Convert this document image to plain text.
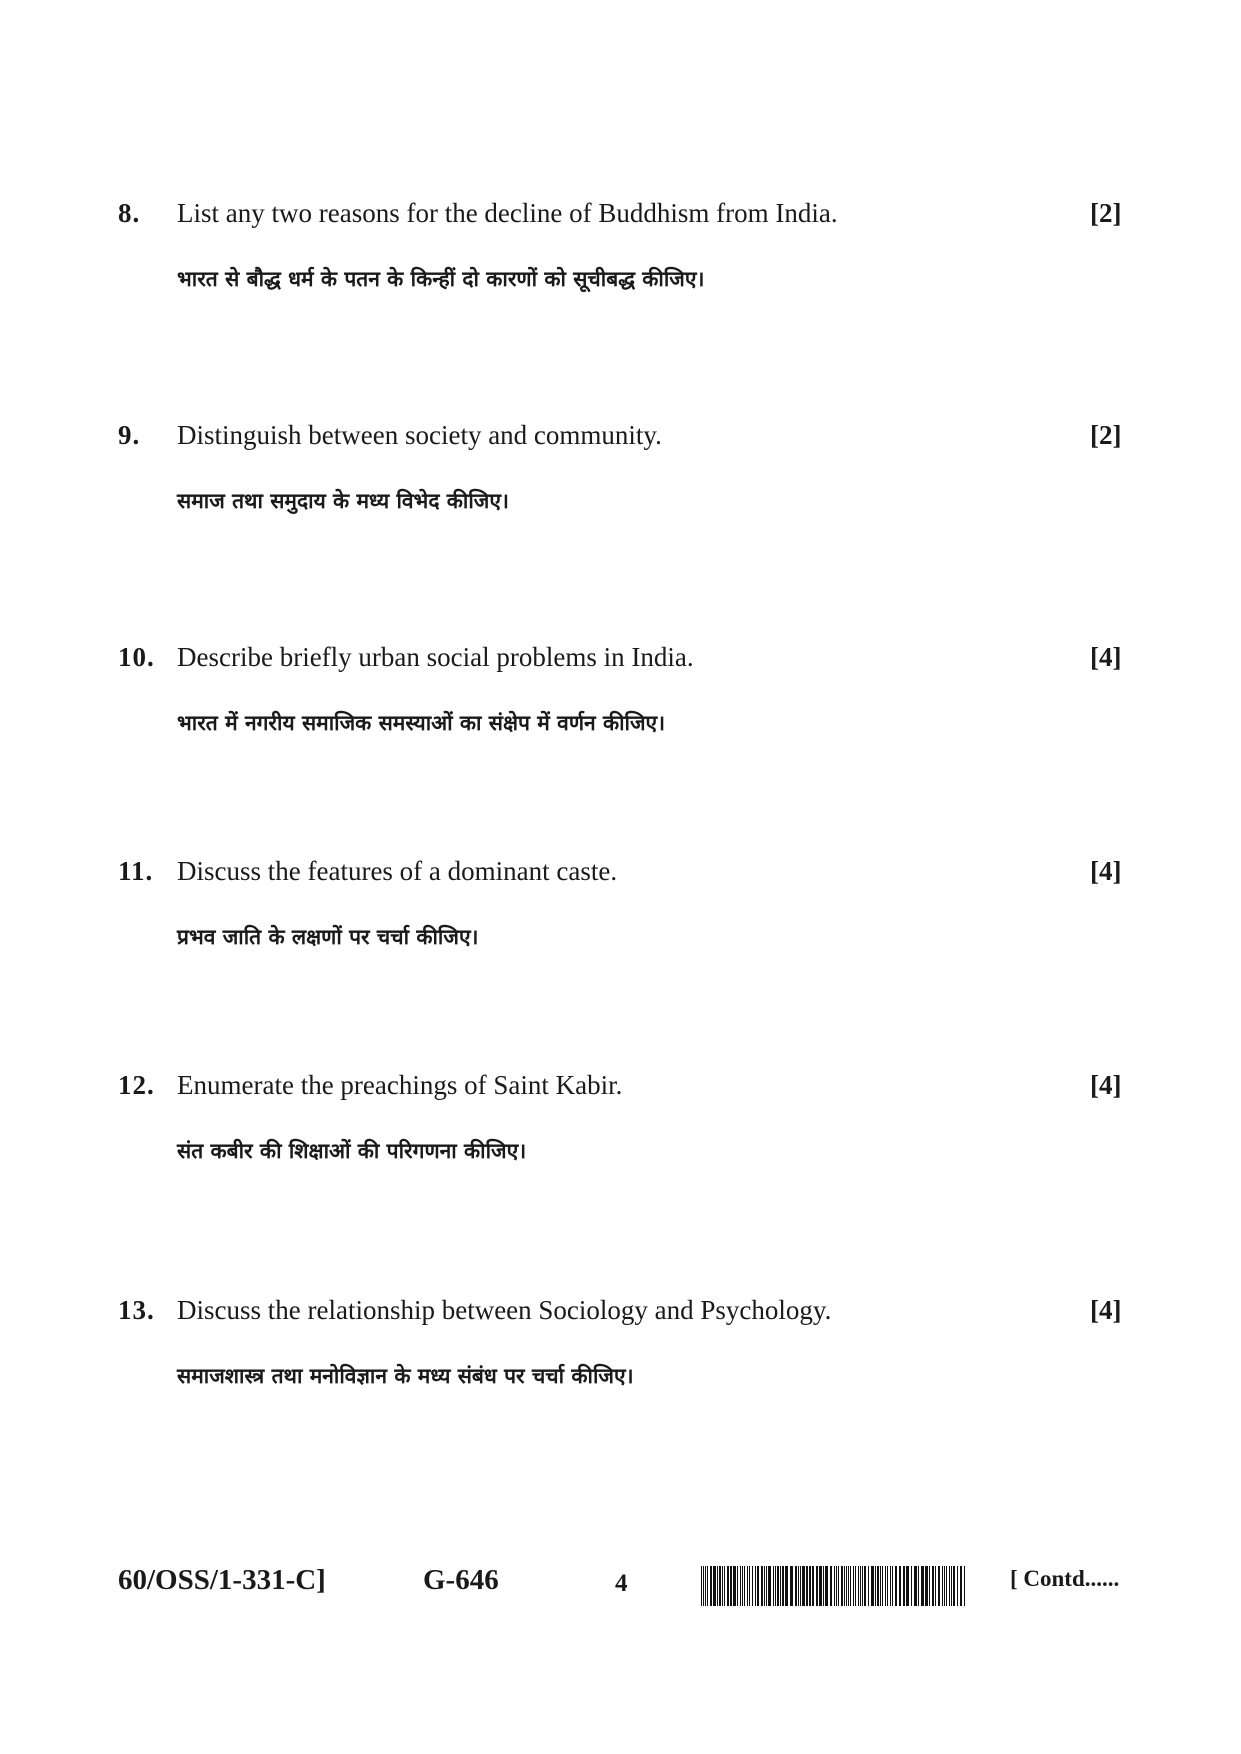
8. List any two reasons for the decline of Buddhism from India.	[2]
भारत से बौद्ध धर्म के पतन के किन्हीं दो कारणों को सूचीबद्ध कीजिए।
9. Distinguish between society and community.	[2]
समाज तथा समुदाय के मध्य विभेद कीजिए।
10. Describe briefly urban social problems in India.	[4]
भारत में नगरीय समाजिक समस्याओं का संक्षेप में वर्णन कीजिए।
11. Discuss the features of a dominant caste.	[4]
प्रभव जाति के लक्षणों पर चर्चा कीजिए।
12. Enumerate the preachings of Saint Kabir.	[4]
संत कबीर की शिक्षाओं की परिगणना कीजिए।
13. Discuss the relationship between Sociology and Psychology.	[4]
समाजशास्त्र तथा मनोविज्ञान के मध्य संबंध पर चर्चा कीजिए।
60/OSS/1-331-C]	G-646	4	[ Contd......
